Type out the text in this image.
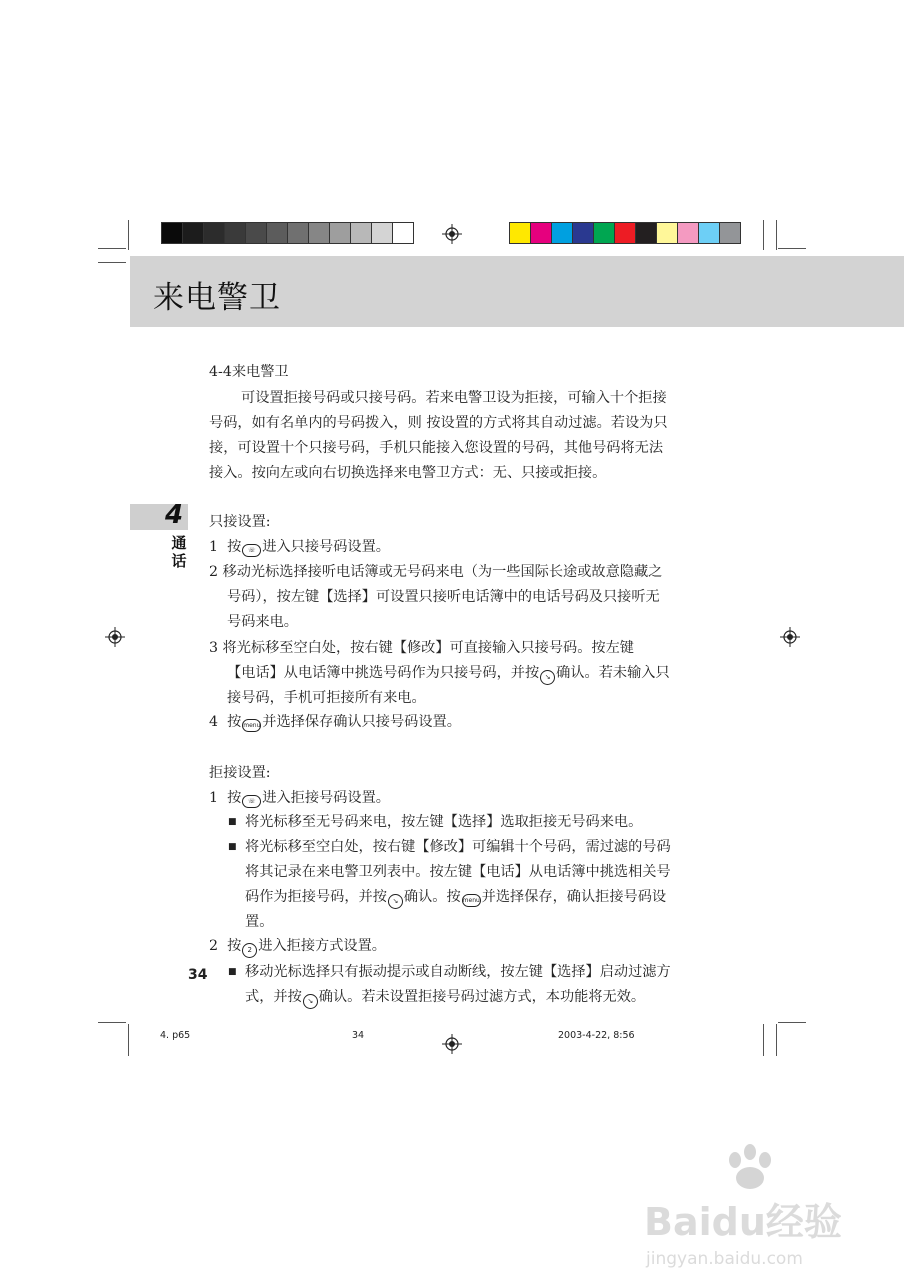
来电警卫
4
通话
4-4来电警卫
可设置拒接号码或只接号码。若来电警卫设为拒接，可输入十个拒接
号码，如有名单内的号码拨入，则 按设置的方式将其自动过滤。若设为只
接，可设置十个只接号码，手机只能接入您设置的号码，其他号码将无法
接入。按向左或向右切换选择来电警卫方式：无、只接或拒接。
只接设置:
1 按 ☏ 进入只接号码设置。
2 移动光标选择接听电话簿或无号码来电（为一些国际长途或故意隐藏之
号码），按左键【选择】可设置只接听电话簿中的电话号码及只接听无
号码来电。
3 将光标移至空白处，按右键【修改】可直接输入只接号码。按左键
【电话】从电话簿中挑选号码作为只接号码，并按 ↘ 确认。若未输入只
接号码，手机可拒接所有来电。
4 按 menu 并选择保存确认只接号码设置。
拒接设置:
1 按 ☏ 进入拒接号码设置。
■ 将光标移至无号码来电，按左键【选择】选取拒接无号码来电。
■ 将光标移至空白处，按右键【修改】可编辑十个号码，需过滤的号码
将其记录在来电警卫列表中。按左键【电话】从电话簿中挑选相关号
码作为拒接号码，并按 ↘ 确认。按 menu 并选择保存，确认拒接号码设
置。
2 按 2 进入拒接方式设置。
■ 移动光标选择只有振动提示或自动断线，按左键【选择】启动过滤方
式，并按 ↘ 确认。若未设置拒接号码过滤方式，本功能将无效。
34
4. p65	34	2003-4-22, 8:56
Baidu经验
jingyan.baidu.com
